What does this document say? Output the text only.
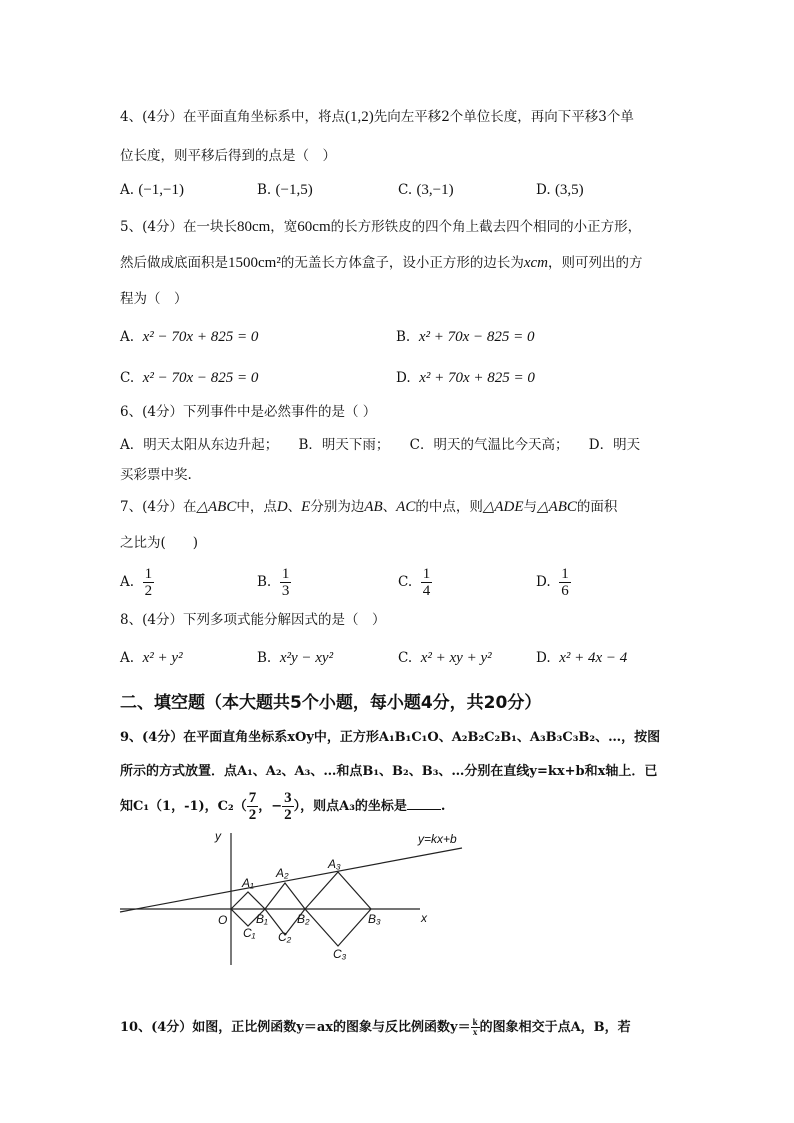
4、(4分）在平面直角坐标系中，将点(1,2)先向左平移2个单位长度，再向下平移3个单
位长度，则平移后得到的点是（　）
A. (−1,−1)	B. (−1,5)	C. (3,−1)	D. (3,5)
5、(4分）在一块长80cm，宽60cm的长方形铁皮的四个角上截去四个相同的小正方形，
然后做成底面积是1500cm²的无盖长方体盒子，设小正方形的边长为xcm，则可列出的方
程为（　）
A. x² − 70x + 825 = 0	B. x² + 70x − 825 = 0
C. x² − 70x − 825 = 0	D. x² + 70x + 825 = 0
6、(4分）下列事件中是必然事件的是（ ）
A．明天太阳从东边升起；　　B．明天下雨；　　C．明天的气温比今天高；　　D．明天
买彩票中奖.
7、(4分）在△ABC中，点D、E分别为边AB、AC的中点，则△ADE与△ABC的面积
之比为(　　)
A. $\frac{1}{2}$	B. $\frac{1}{3}$	C. $\frac{1}{4}$	D. $\frac{1}{6}$
8、(4分）下列多项式能分解因式的是（　）
A. x² + y²	B. x²y − xy²	C. x² + xy + y²	D. x² + 4x − 4
二、填空题（本大题共5个小题，每小题4分，共20分）
9、(4分）在平面直角坐标系xOy中，正方形A₁B₁C₁O、A₂B₂C₂B₁、A₃B₃C₃B₂、…，按图
所示的方式放置．点A₁、A₂、A₃、…和点B₁、B₂、B₃、…分别在直线y=kx+b和x轴上．已
知C₁（1，-1)，$C_2( \frac{7}{2}$ ，− $\frac{3}{2}$ ），则点A₃的坐标是	.
y
x
O
y=kx+b
A₁
A₂
A₃
B₁ B₂	B₃
C₁ C₂
C₃
10、(4分）如图，正比例函数y＝ax的图象与反比例函数$y= \frac{k}{x}$ 的图象相交于点A，B，若
